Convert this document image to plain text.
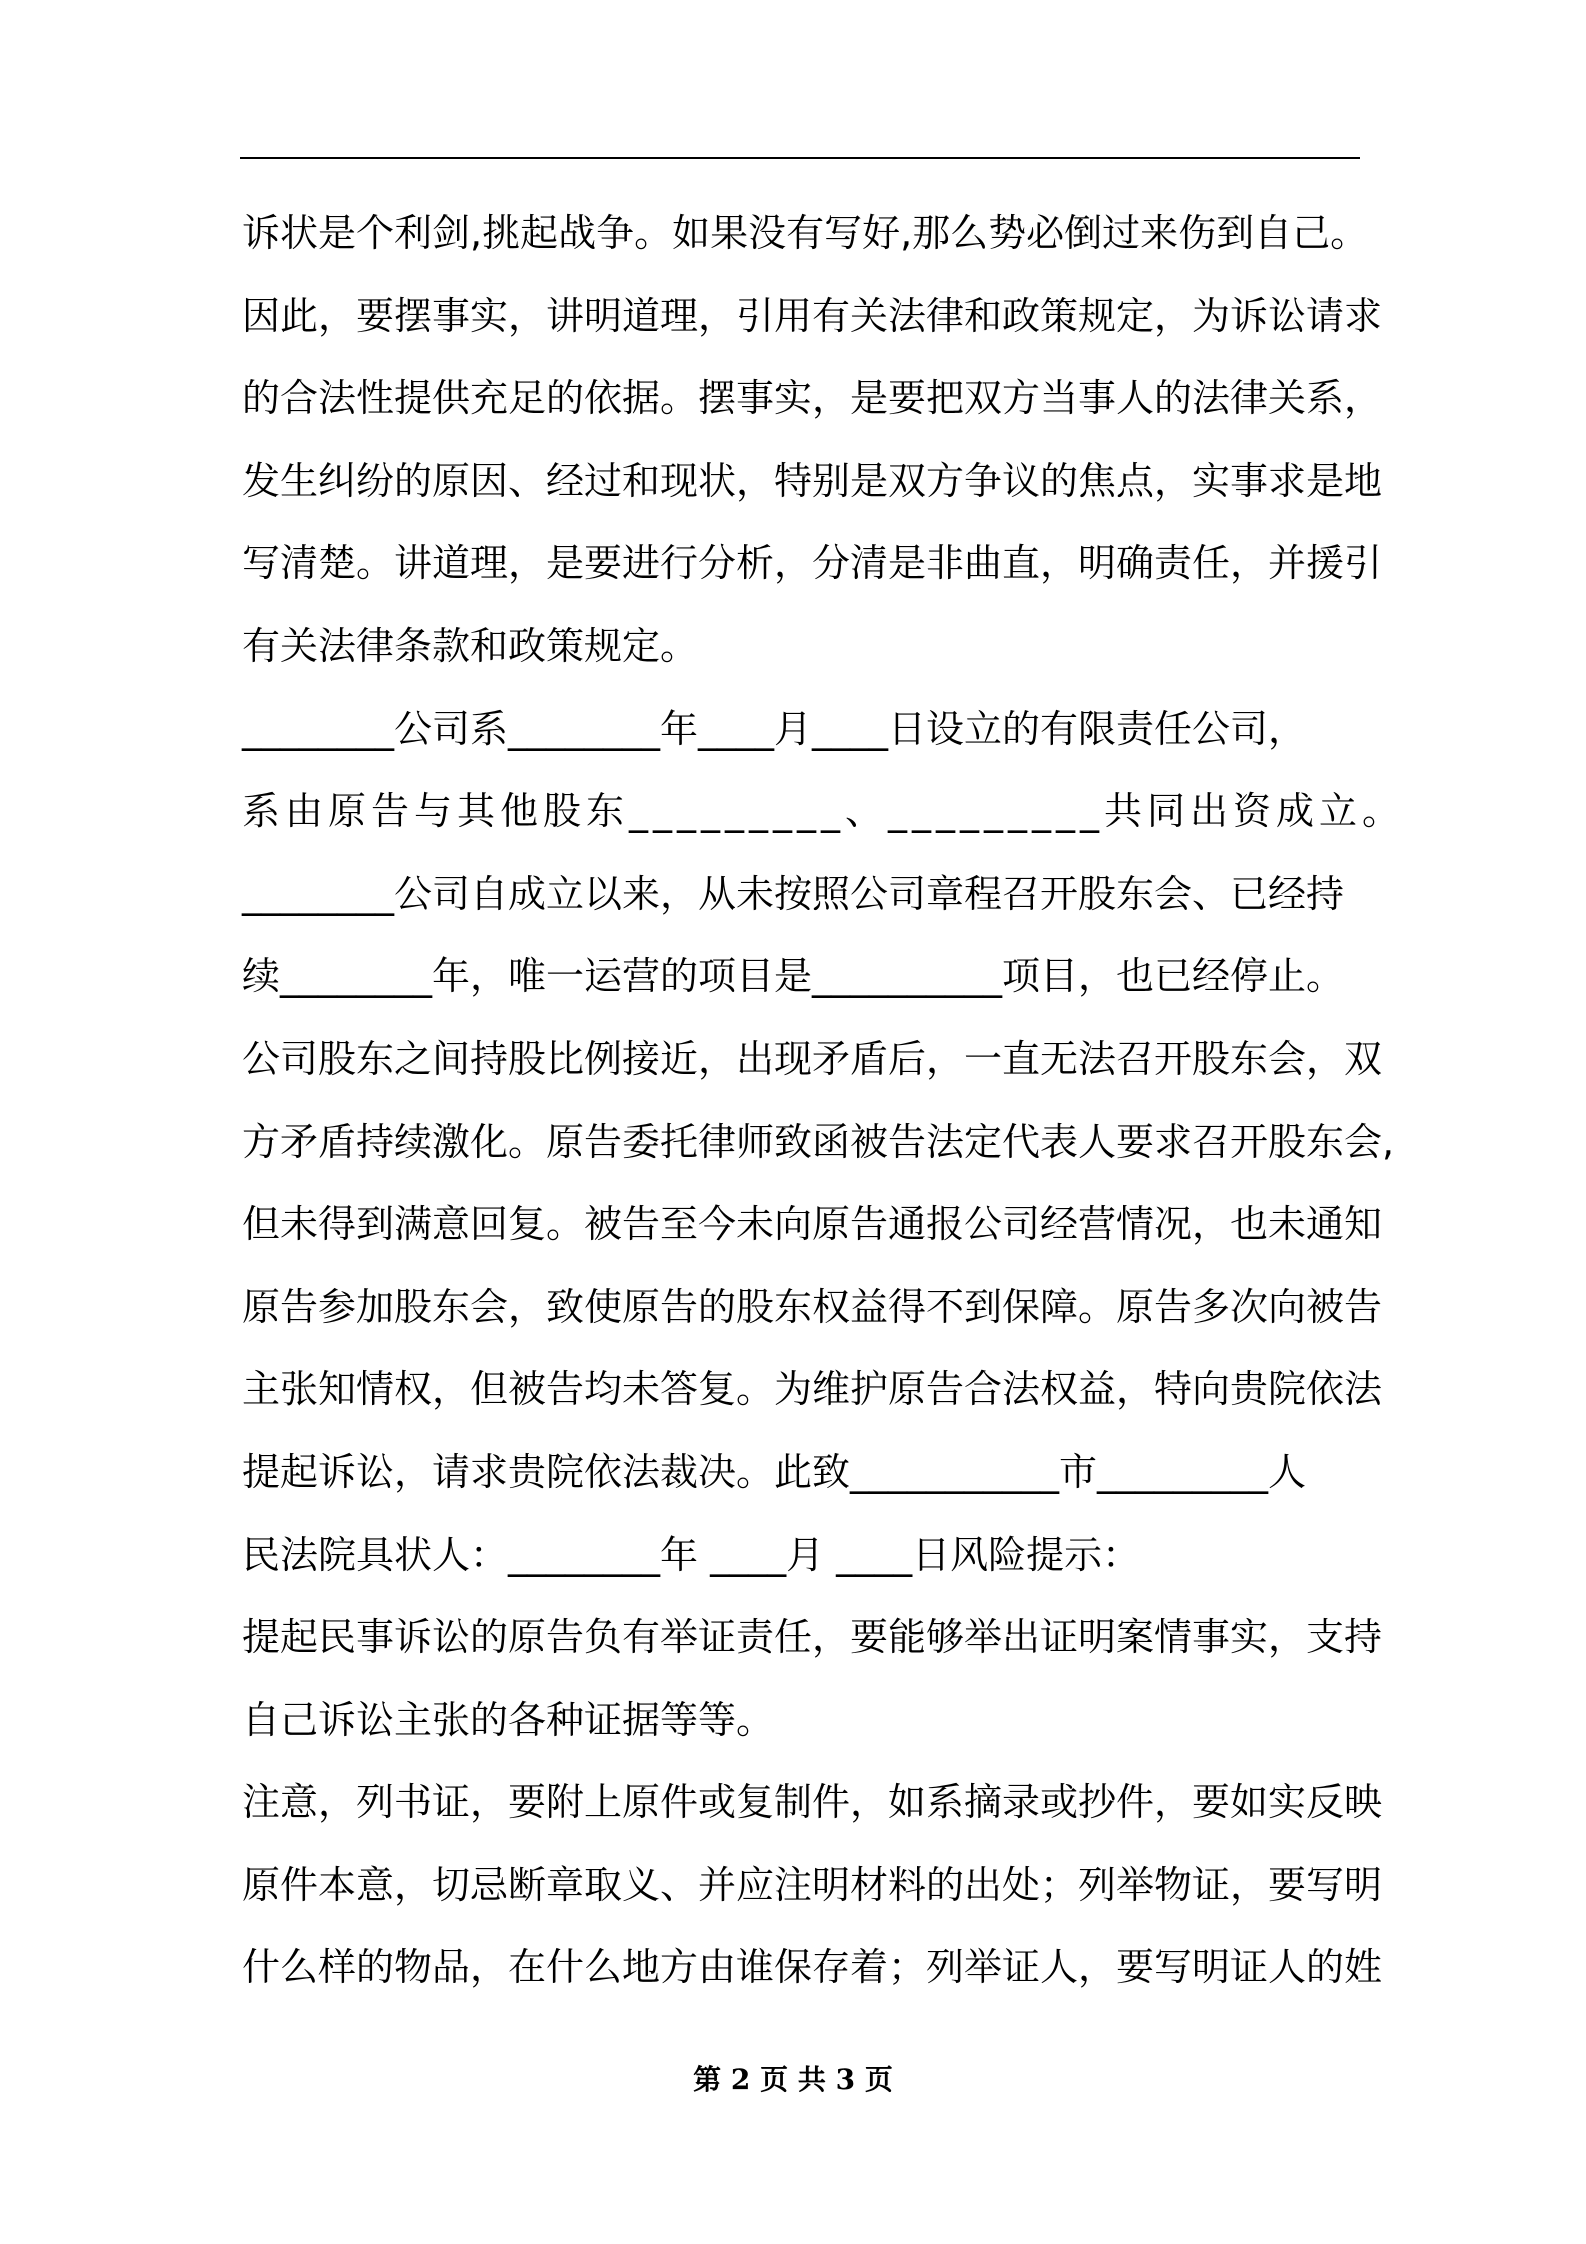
诉状是个利剑,挑起战争。如果没有写好,那么势必倒过来伤到自己。
因此，要摆事实，讲明道理，引用有关法律和政策规定，为诉讼请求
的合法性提供充足的依据。摆事实，是要把双方当事人的法律关系，
发生纠纷的原因、经过和现状，特别是双方争议的焦点，实事求是地
写清楚。讲道理，是要进行分析，分清是非曲直，明确责任，并援引
有关法律条款和政策规定。
________公司系________年____月____日设立的有限责任公司，
系由原告与其他股东_________、_________共同出资成立。
________公司自成立以来，从未按照公司章程召开股东会、已经持
续________年，唯一运营的项目是__________项目，也已经停止。
公司股东之间持股比例接近，出现矛盾后，一直无法召开股东会，双
方矛盾持续激化。原告委托律师致函被告法定代表人要求召开股东会,
但未得到满意回复。被告至今未向原告通报公司经营情况，也未通知
原告参加股东会，致使原告的股东权益得不到保障。原告多次向被告
主张知情权，但被告均未答复。为维护原告合法权益，特向贵院依法
提起诉讼，请求贵院依法裁决。此致___________市_________人
民法院具状人：________年 ____月 ____日风险提示：
提起民事诉讼的原告负有举证责任，要能够举出证明案情事实，支持
自己诉讼主张的各种证据等等。
注意，列书证，要附上原件或复制件，如系摘录或抄件，要如实反映
原件本意，切忌断章取义、并应注明材料的出处；列举物证，要写明
什么样的物品，在什么地方由谁保存着；列举证人，要写明证人的姓
第 2 页 共 3 页
